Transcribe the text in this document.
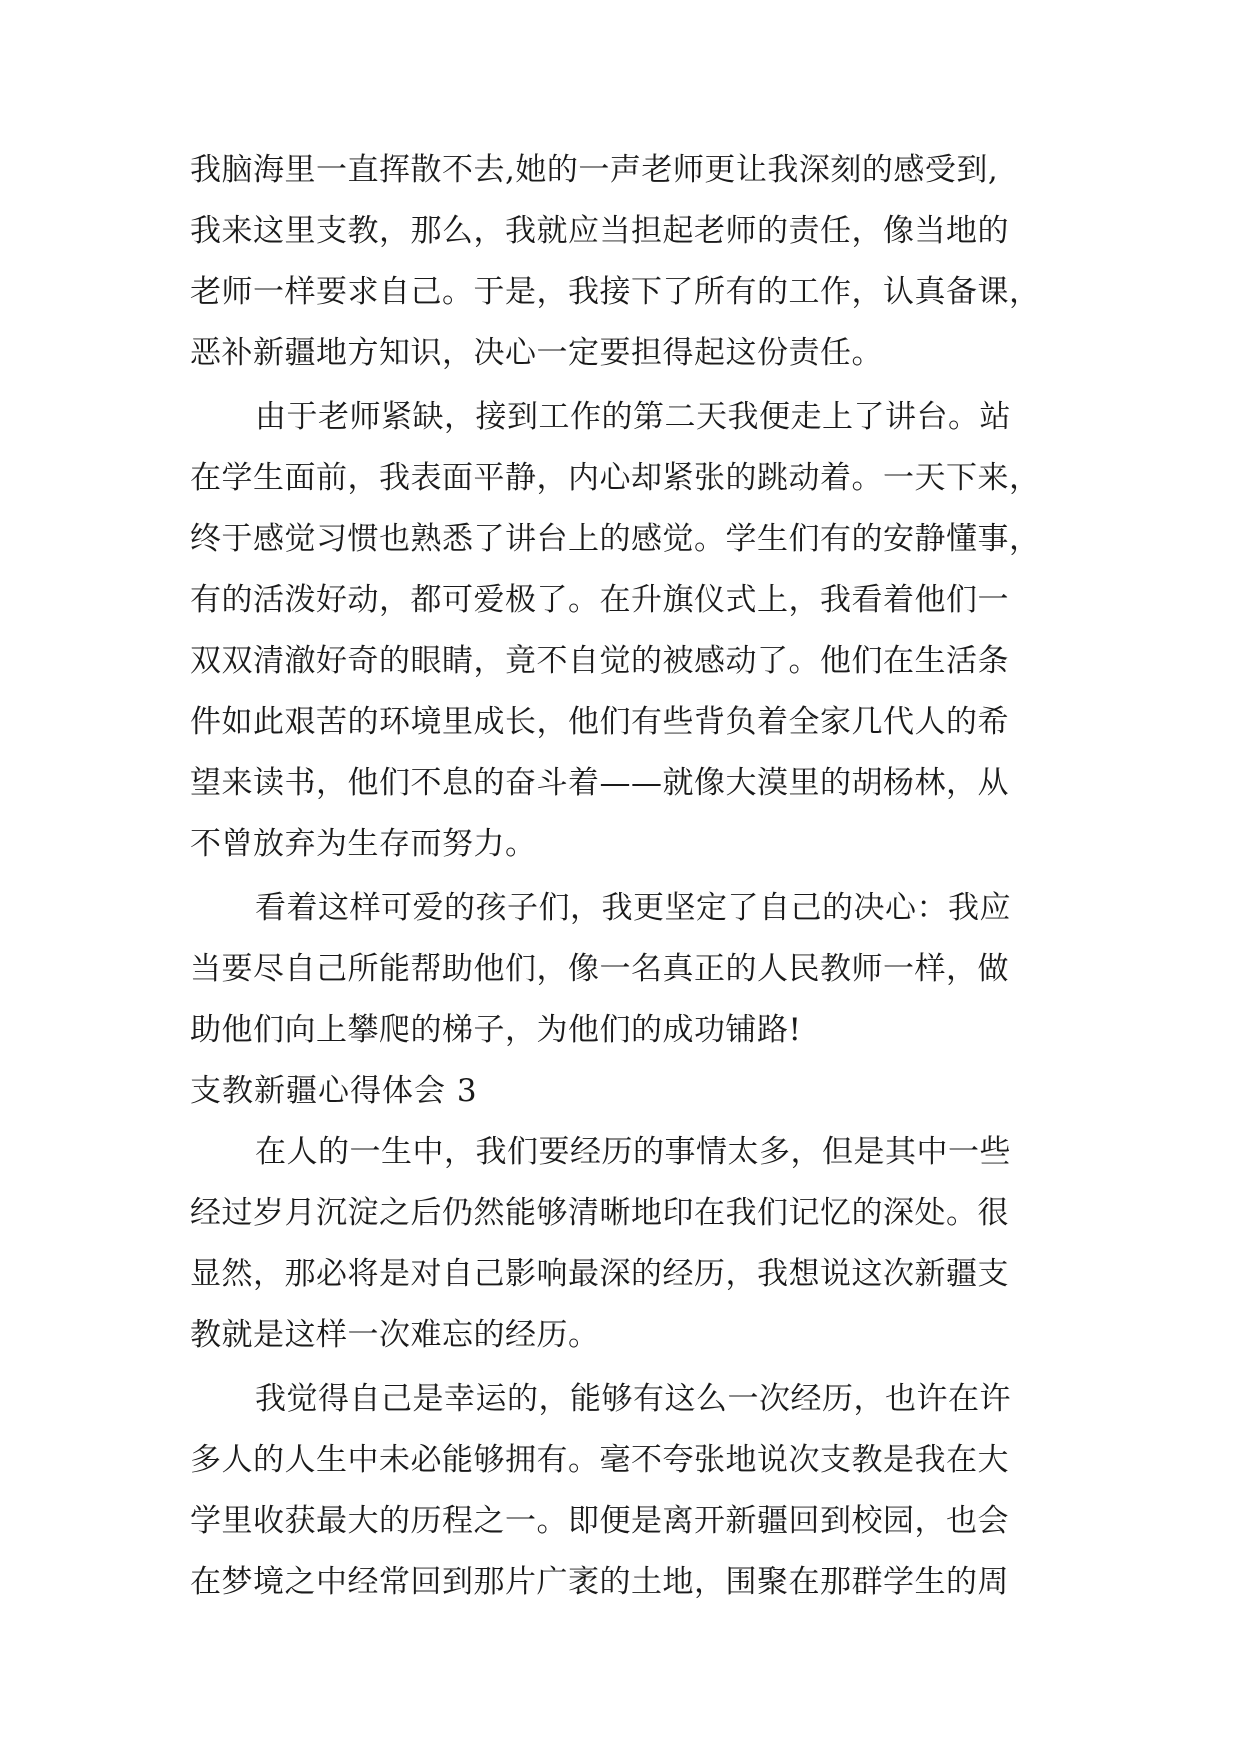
我脑海里一直挥散不去,她的一声老师更让我深刻的感受到,
我来这里支教，那么，我就应当担起老师的责任，像当地的
老师一样要求自己。于是，我接下了所有的工作，认真备课，
恶补新疆地方知识，决心一定要担得起这份责任。
由于老师紧缺，接到工作的第二天我便走上了讲台。站
在学生面前，我表面平静，内心却紧张的跳动着。一天下来，
终于感觉习惯也熟悉了讲台上的感觉。学生们有的安静懂事，
有的活泼好动，都可爱极了。在升旗仪式上，我看着他们一
双双清澈好奇的眼睛，竟不自觉的被感动了。他们在生活条
件如此艰苦的环境里成长，他们有些背负着全家几代人的希
望来读书，他们不息的奋斗着——就像大漠里的胡杨林，从
不曾放弃为生存而努力。
看着这样可爱的孩子们，我更坚定了自己的决心：我应
当要尽自己所能帮助他们，像一名真正的人民教师一样，做
助他们向上攀爬的梯子，为他们的成功铺路!
支教新疆心得体会 3
在人的一生中，我们要经历的事情太多，但是其中一些
经过岁月沉淀之后仍然能够清晰地印在我们记忆的深处。很
显然，那必将是对自己影响最深的经历，我想说这次新疆支
教就是这样一次难忘的经历。
我觉得自己是幸运的，能够有这么一次经历，也许在许
多人的人生中未必能够拥有。毫不夸张地说次支教是我在大
学里收获最大的历程之一。即便是离开新疆回到校园，也会
在梦境之中经常回到那片广袤的土地，围聚在那群学生的周
